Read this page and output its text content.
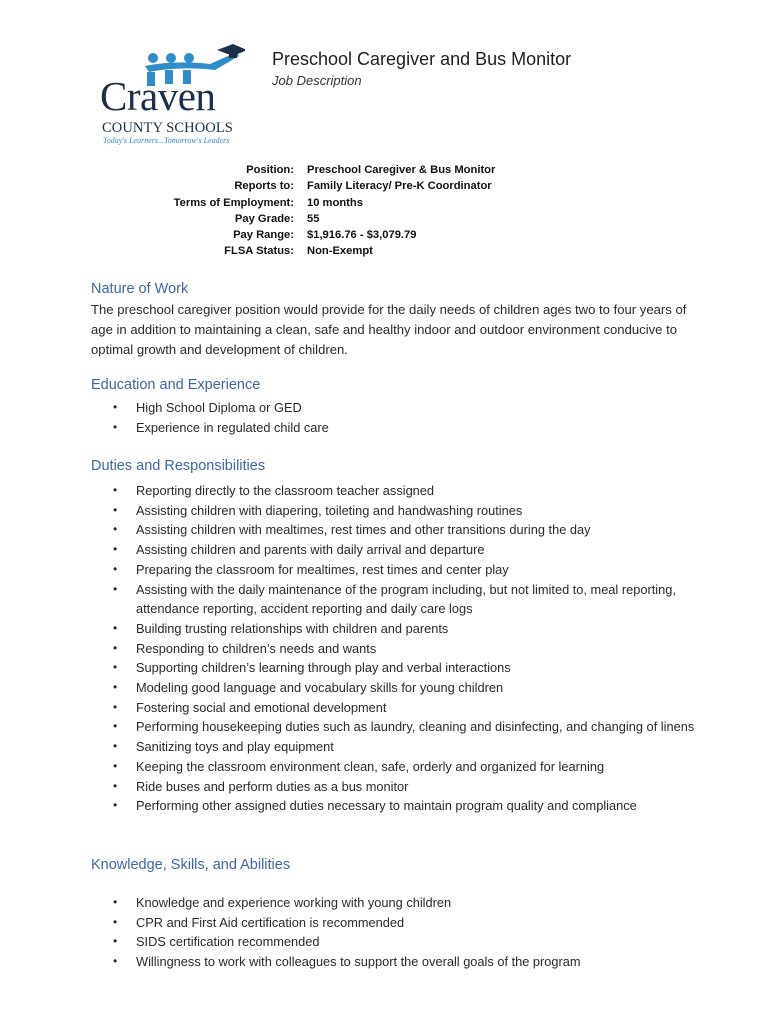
Craven
COUNTY SCHOOLS
Today's Learners...Tomorrow's Leaders
Preschool Caregiver and Bus Monitor
Job Description
Position: Preschool Caregiver & Bus Monitor
Reports to: Family Literacy/ Pre-K Coordinator
Terms of Employment: 10 months
Pay Grade: 55
Pay Range: $1,916.76 - $3,079.79
FLSA Status: Non-Exempt
Nature of Work
The preschool caregiver position would provide for the daily needs of children ages two to four years of age in addition to maintaining a clean, safe and healthy indoor and outdoor environment conducive to optimal growth and development of children.
Education and Experience
• High School Diploma or GED
• Experience in regulated child care
Duties and Responsibilities
• Reporting directly to the classroom teacher assigned
• Assisting children with diapering, toileting and handwashing routines
• Assisting children with mealtimes, rest times and other transitions during the day
• Assisting children and parents with daily arrival and departure
• Preparing the classroom for mealtimes, rest times and center play
• Assisting with the daily maintenance of the program including, but not limited to, meal reporting, attendance reporting, accident reporting and daily care logs
• Building trusting relationships with children and parents
• Responding to children’s needs and wants
• Supporting children’s learning through play and verbal interactions
• Modeling good language and vocabulary skills for young children
• Fostering social and emotional development
• Performing housekeeping duties such as laundry, cleaning and disinfecting, and changing of linens
• Sanitizing toys and play equipment
• Keeping the classroom environment clean, safe, orderly and organized for learning
• Ride buses and perform duties as a bus monitor
• Performing other assigned duties necessary to maintain program quality and compliance
Knowledge, Skills, and Abilities
• Knowledge and experience working with young children
• CPR and First Aid certification is recommended
• SIDS certification recommended
• Willingness to work with colleagues to support the overall goals of the program
